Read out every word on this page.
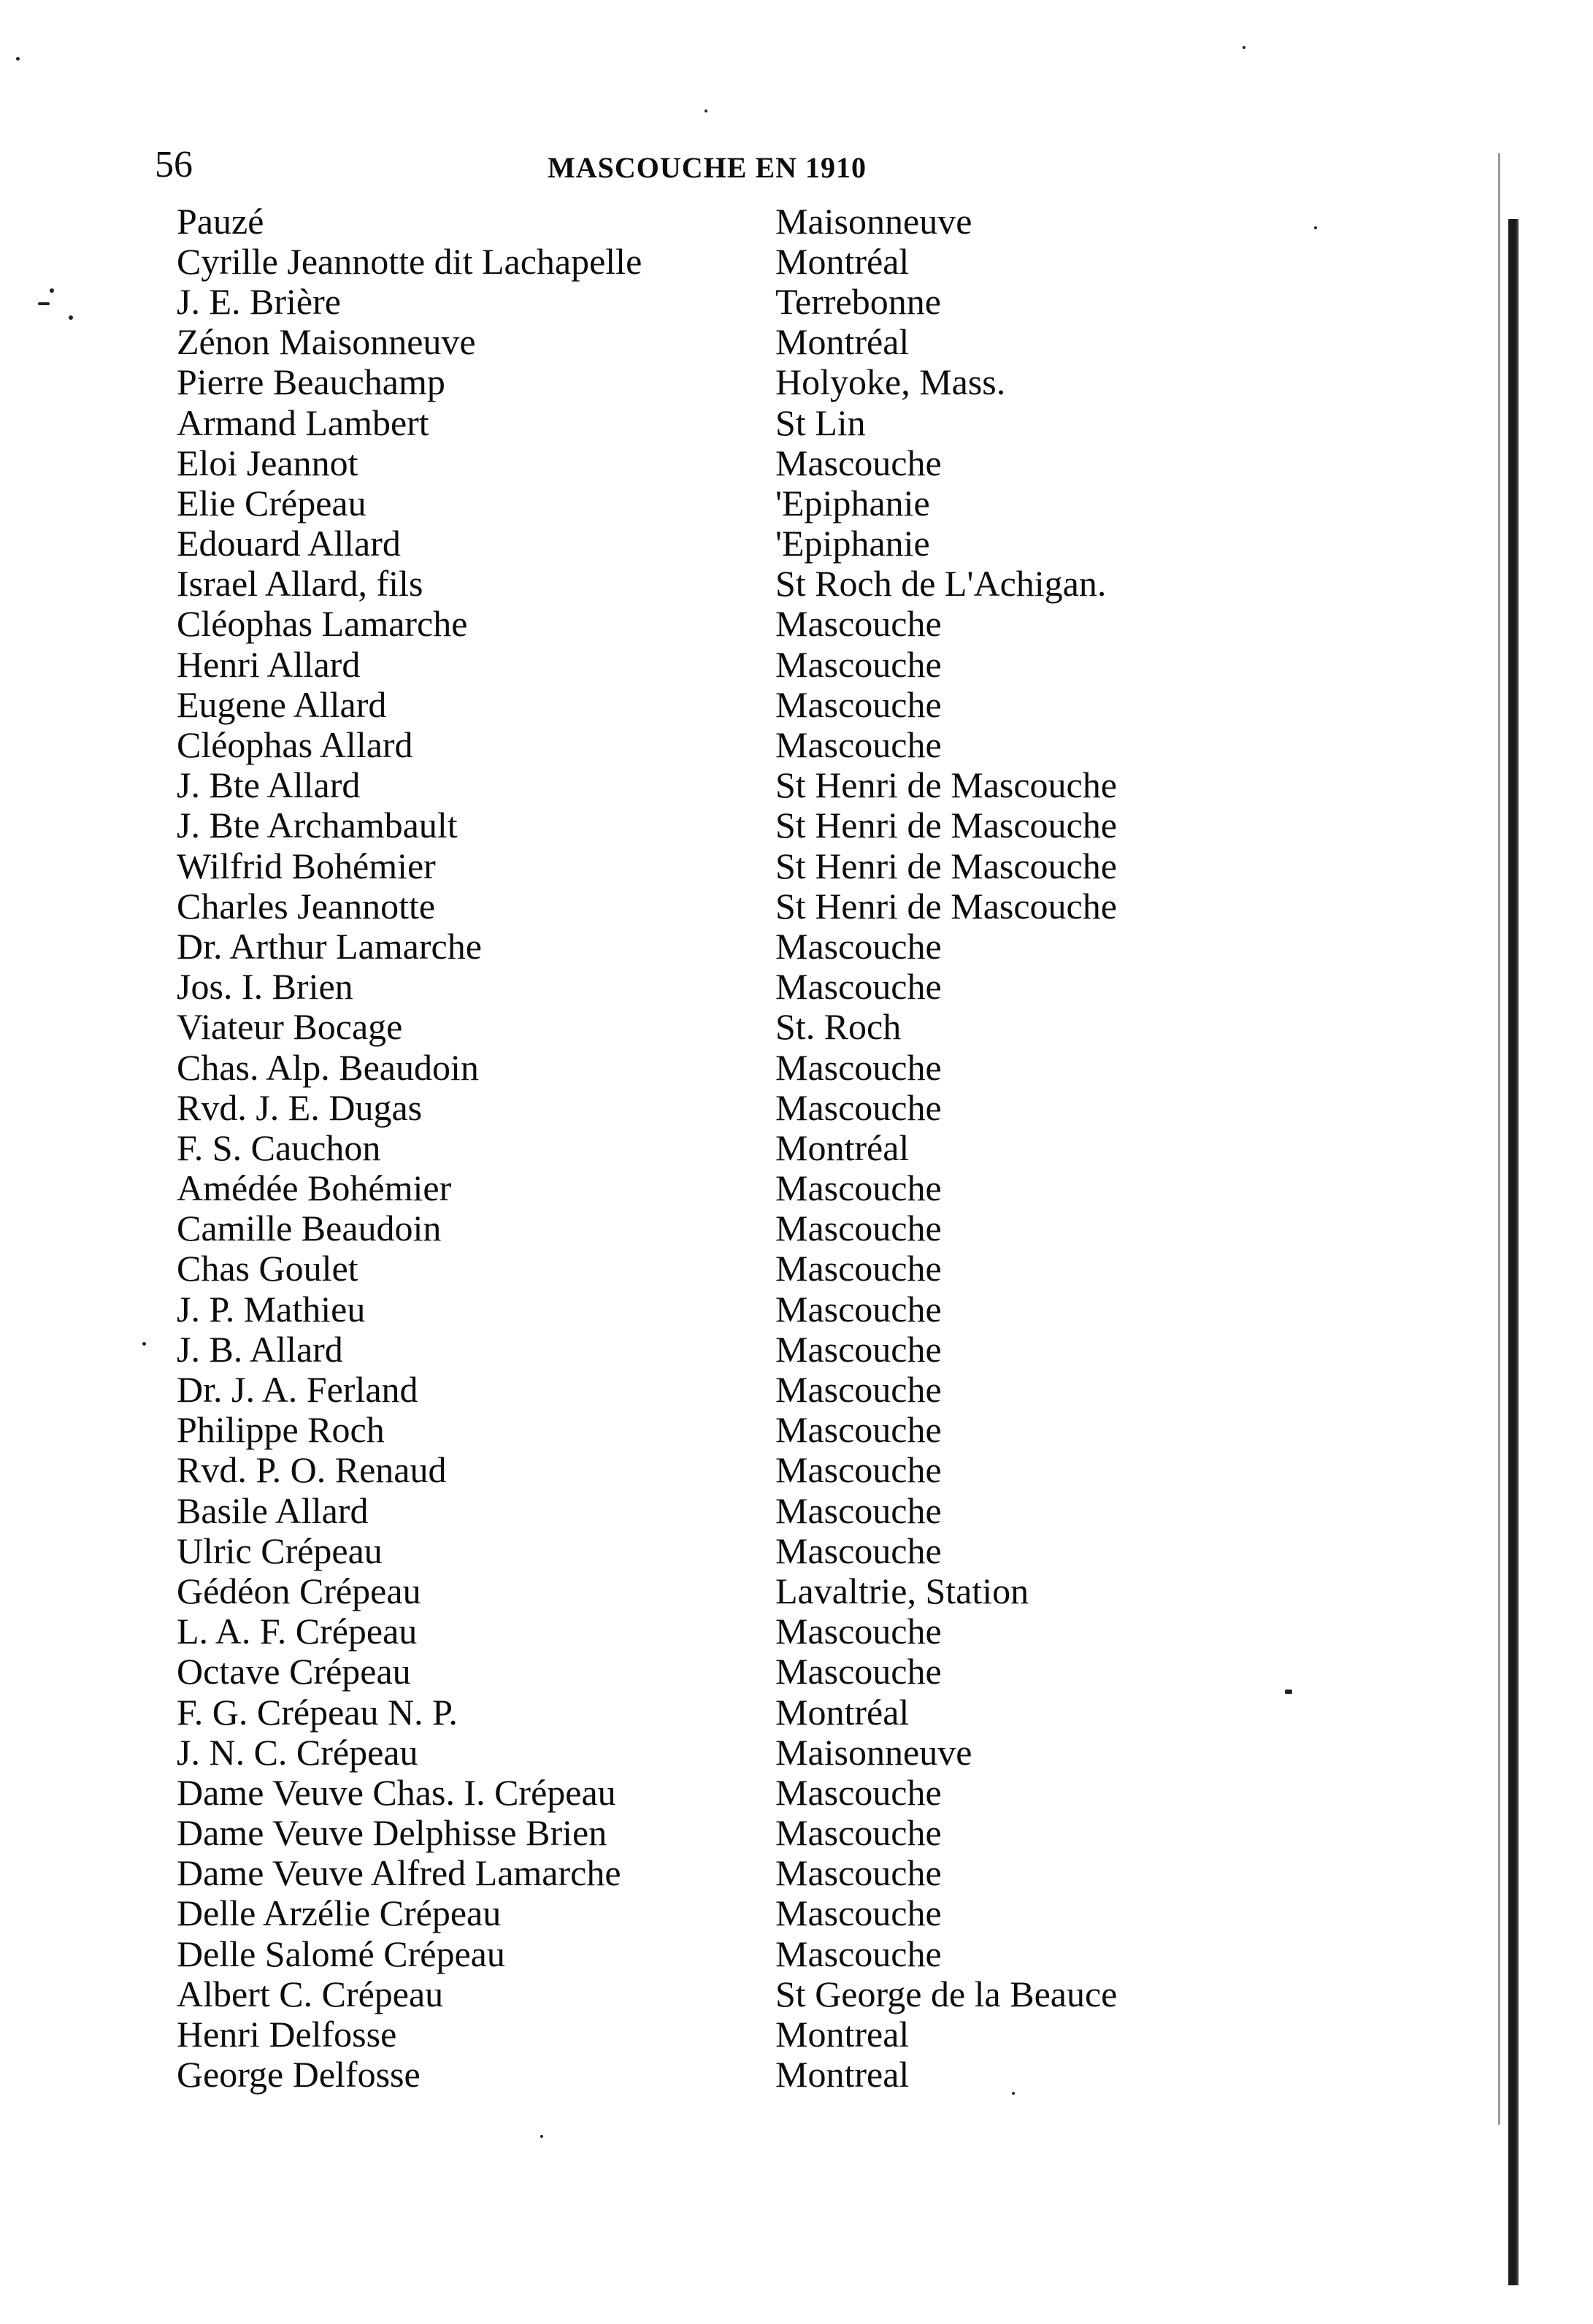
56	MASCOUCHE EN 1910
Pauzé	Maisonneuve
Cyrille Jeannotte dit Lachapelle	Montréal
J. E. Brière	Terrebonne
Zénon Maisonneuve	Montréal
Pierre Beauchamp	Holyoke, Mass.
Armand Lambert	St Lin
Eloi Jeannot	Mascouche
Elie Crépeau	'Epiphanie
Edouard Allard	'Epiphanie
Israel Allard, fils	St Roch de L'Achigan.
Cléophas Lamarche	Mascouche
Henri Allard	Mascouche
Eugene Allard	Mascouche
Cléophas Allard	Mascouche
J. Bte Allard	St Henri de Mascouche
J. Bte Archambault	St Henri de Mascouche
Wilfrid Bohémier	St Henri de Mascouche
Charles Jeannotte	St Henri de Mascouche
Dr. Arthur Lamarche	Mascouche
Jos. I. Brien	Mascouche
Viateur Bocage	St. Roch
Chas. Alp. Beaudoin	Mascouche
Rvd. J. E. Dugas	Mascouche
F. S. Cauchon	Montréal
Amédée Bohémier	Mascouche
Camille Beaudoin	Mascouche
Chas Goulet	Mascouche
J. P. Mathieu	Mascouche
J. B. Allard	Mascouche
Dr. J. A. Ferland	Mascouche
Philippe Roch	Mascouche
Rvd. P. O. Renaud	Mascouche
Basile Allard	Mascouche
Ulric Crépeau	Mascouche
Gédéon Crépeau	Lavaltrie, Station
L. A. F. Crépeau	Mascouche
Octave Crépeau	Mascouche
F. G. Crépeau N. P.	Montréal
J. N. C. Crépeau	Maisonneuve
Dame Veuve Chas. I. Crépeau	Mascouche
Dame Veuve Delphisse Brien	Mascouche
Dame Veuve Alfred Lamarche	Mascouche
Delle Arzélie Crépeau	Mascouche
Delle Salomé Crépeau	Mascouche
Albert C. Crépeau	St George de la Beauce
Henri Delfosse	Montreal
George Delfosse	Montreal
